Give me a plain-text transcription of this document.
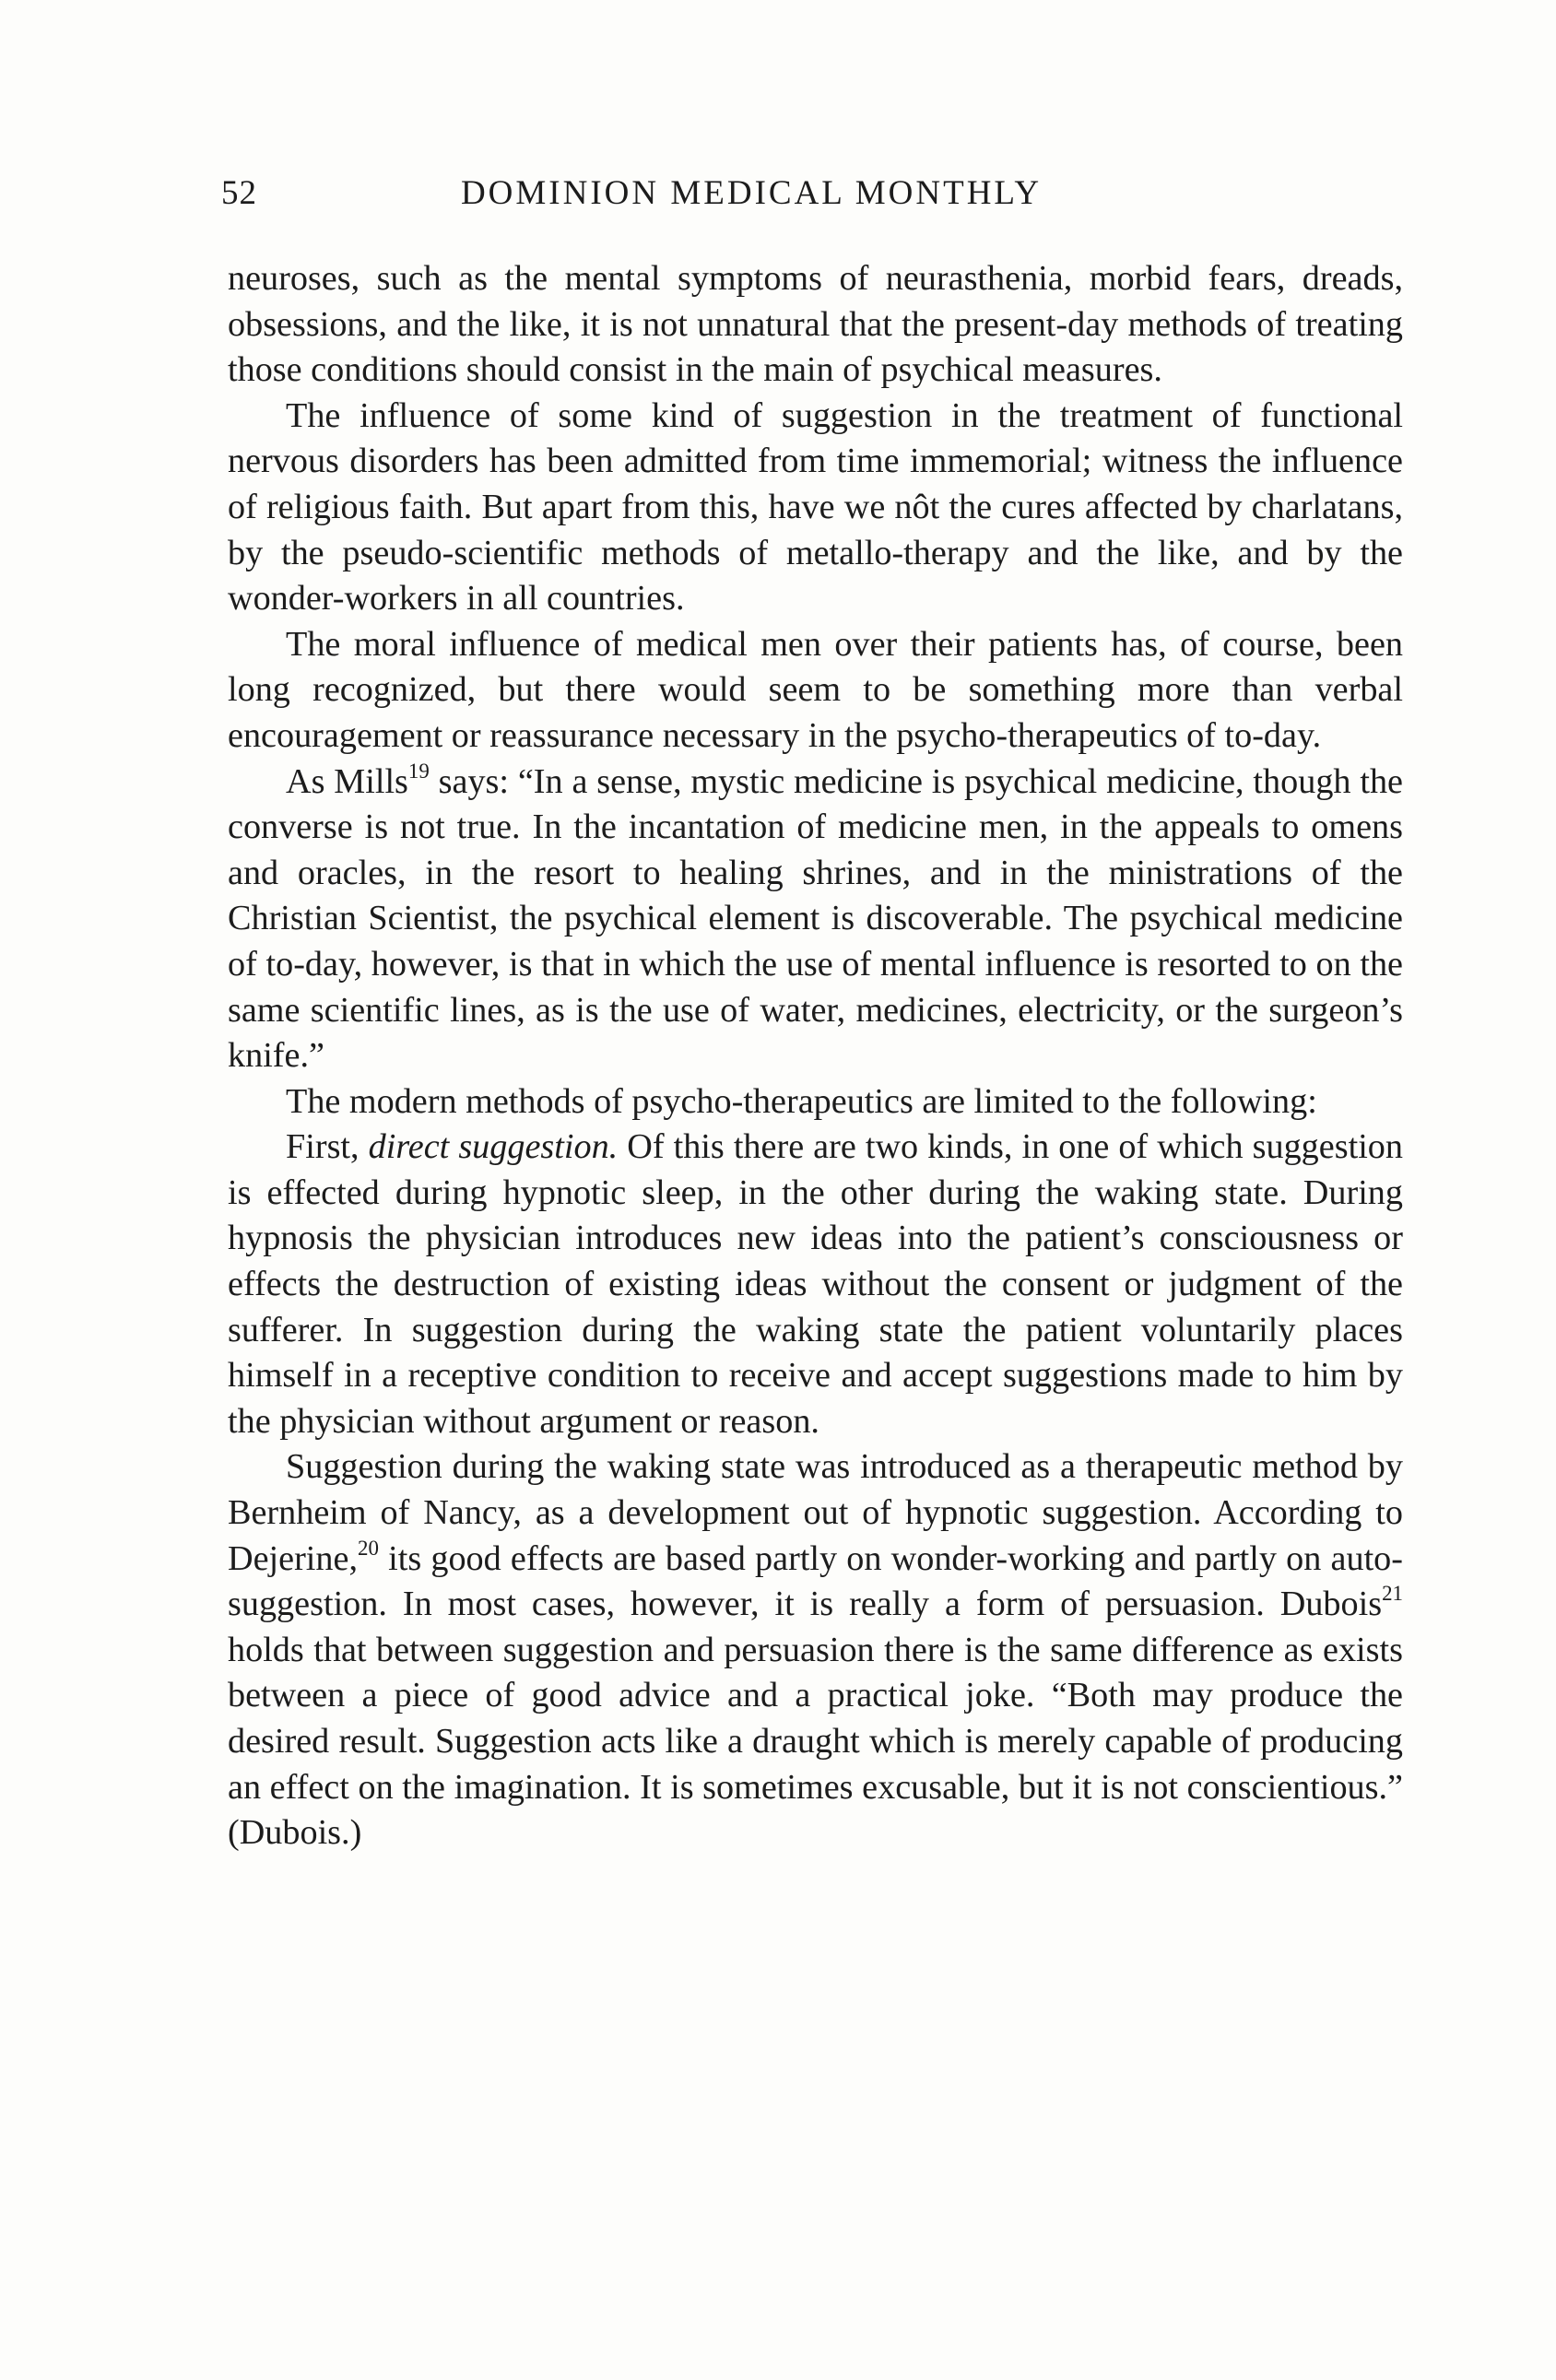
52	DOMINION MEDICAL MONTHLY

neuroses, such as the mental symptoms of neurasthenia, morbid fears, dreads, obsessions, and the like, it is not unnatural that the present-day methods of treating those conditions should consist in the main of psychical measures.

The influence of some kind of suggestion in the treatment of functional nervous disorders has been admitted from time immemorial; witness the influence of religious faith. But apart from this, have we nôt the cures affected by charlatans, by the pseudo-scientific methods of metallo-therapy and the like, and by the wonder-workers in all countries.

The moral influence of medical men over their patients has, of course, been long recognized, but there would seem to be something more than verbal encouragement or reassurance necessary in the psycho-therapeutics of to-day.

As Mills$^{19}$ says: “In a sense, mystic medicine is psychical medicine, though the converse is not true. In the incantation of medicine men, in the appeals to omens and oracles, in the resort to healing shrines, and in the ministrations of the Christian Scientist, the psychical element is discoverable. The psychical medicine of to-day, however, is that in which the use of mental influence is resorted to on the same scientific lines, as is the use of water, medicines, electricity, or the surgeon’s knife.”

The modern methods of psycho-therapeutics are limited to the following:

First, direct suggestion. Of this there are two kinds, in one of which suggestion is effected during hypnotic sleep, in the other during the waking state. During hypnosis the physician introduces new ideas into the patient’s consciousness or effects the destruction of existing ideas without the consent or judgment of the sufferer. In suggestion during the waking state the patient voluntarily places himself in a receptive condition to receive and accept suggestions made to him by the physician without argument or reason.

Suggestion during the waking state was introduced as a therapeutic method by Bernheim of Nancy, as a development out of hypnotic suggestion. According to Dejerine,$^{20}$ its good effects are based partly on wonder-working and partly on auto-suggestion. In most cases, however, it is really a form of persuasion. Dubois$^{21}$ holds that between suggestion and persuasion there is the same difference as exists between a piece of good advice and a practical joke. “Both may produce the desired result. Suggestion acts like a draught which is merely capable of producing an effect on the imagination. It is sometimes excusable, but it is not conscientious.” (Dubois.)
